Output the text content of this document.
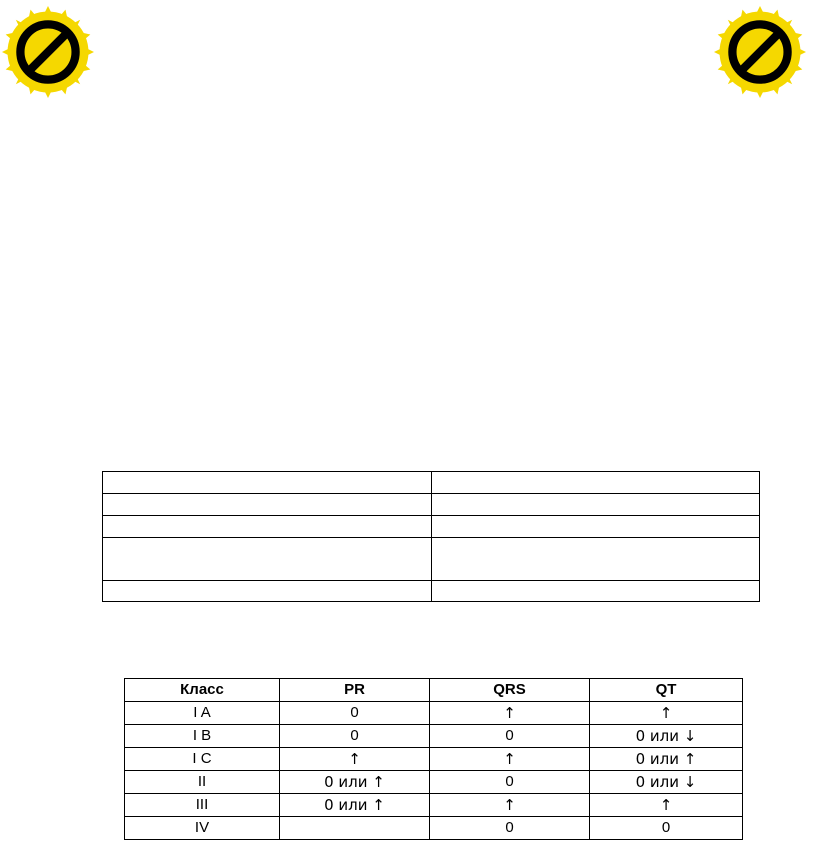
Класс	PR	QRS	QT
I A	0	↑	↑
I B	0	0	0 или ↓
I C	↑	↑	0 или ↑
II	0 или ↑	0	0 или ↓
III	0 или ↑	↑	↑
IV		0	0
